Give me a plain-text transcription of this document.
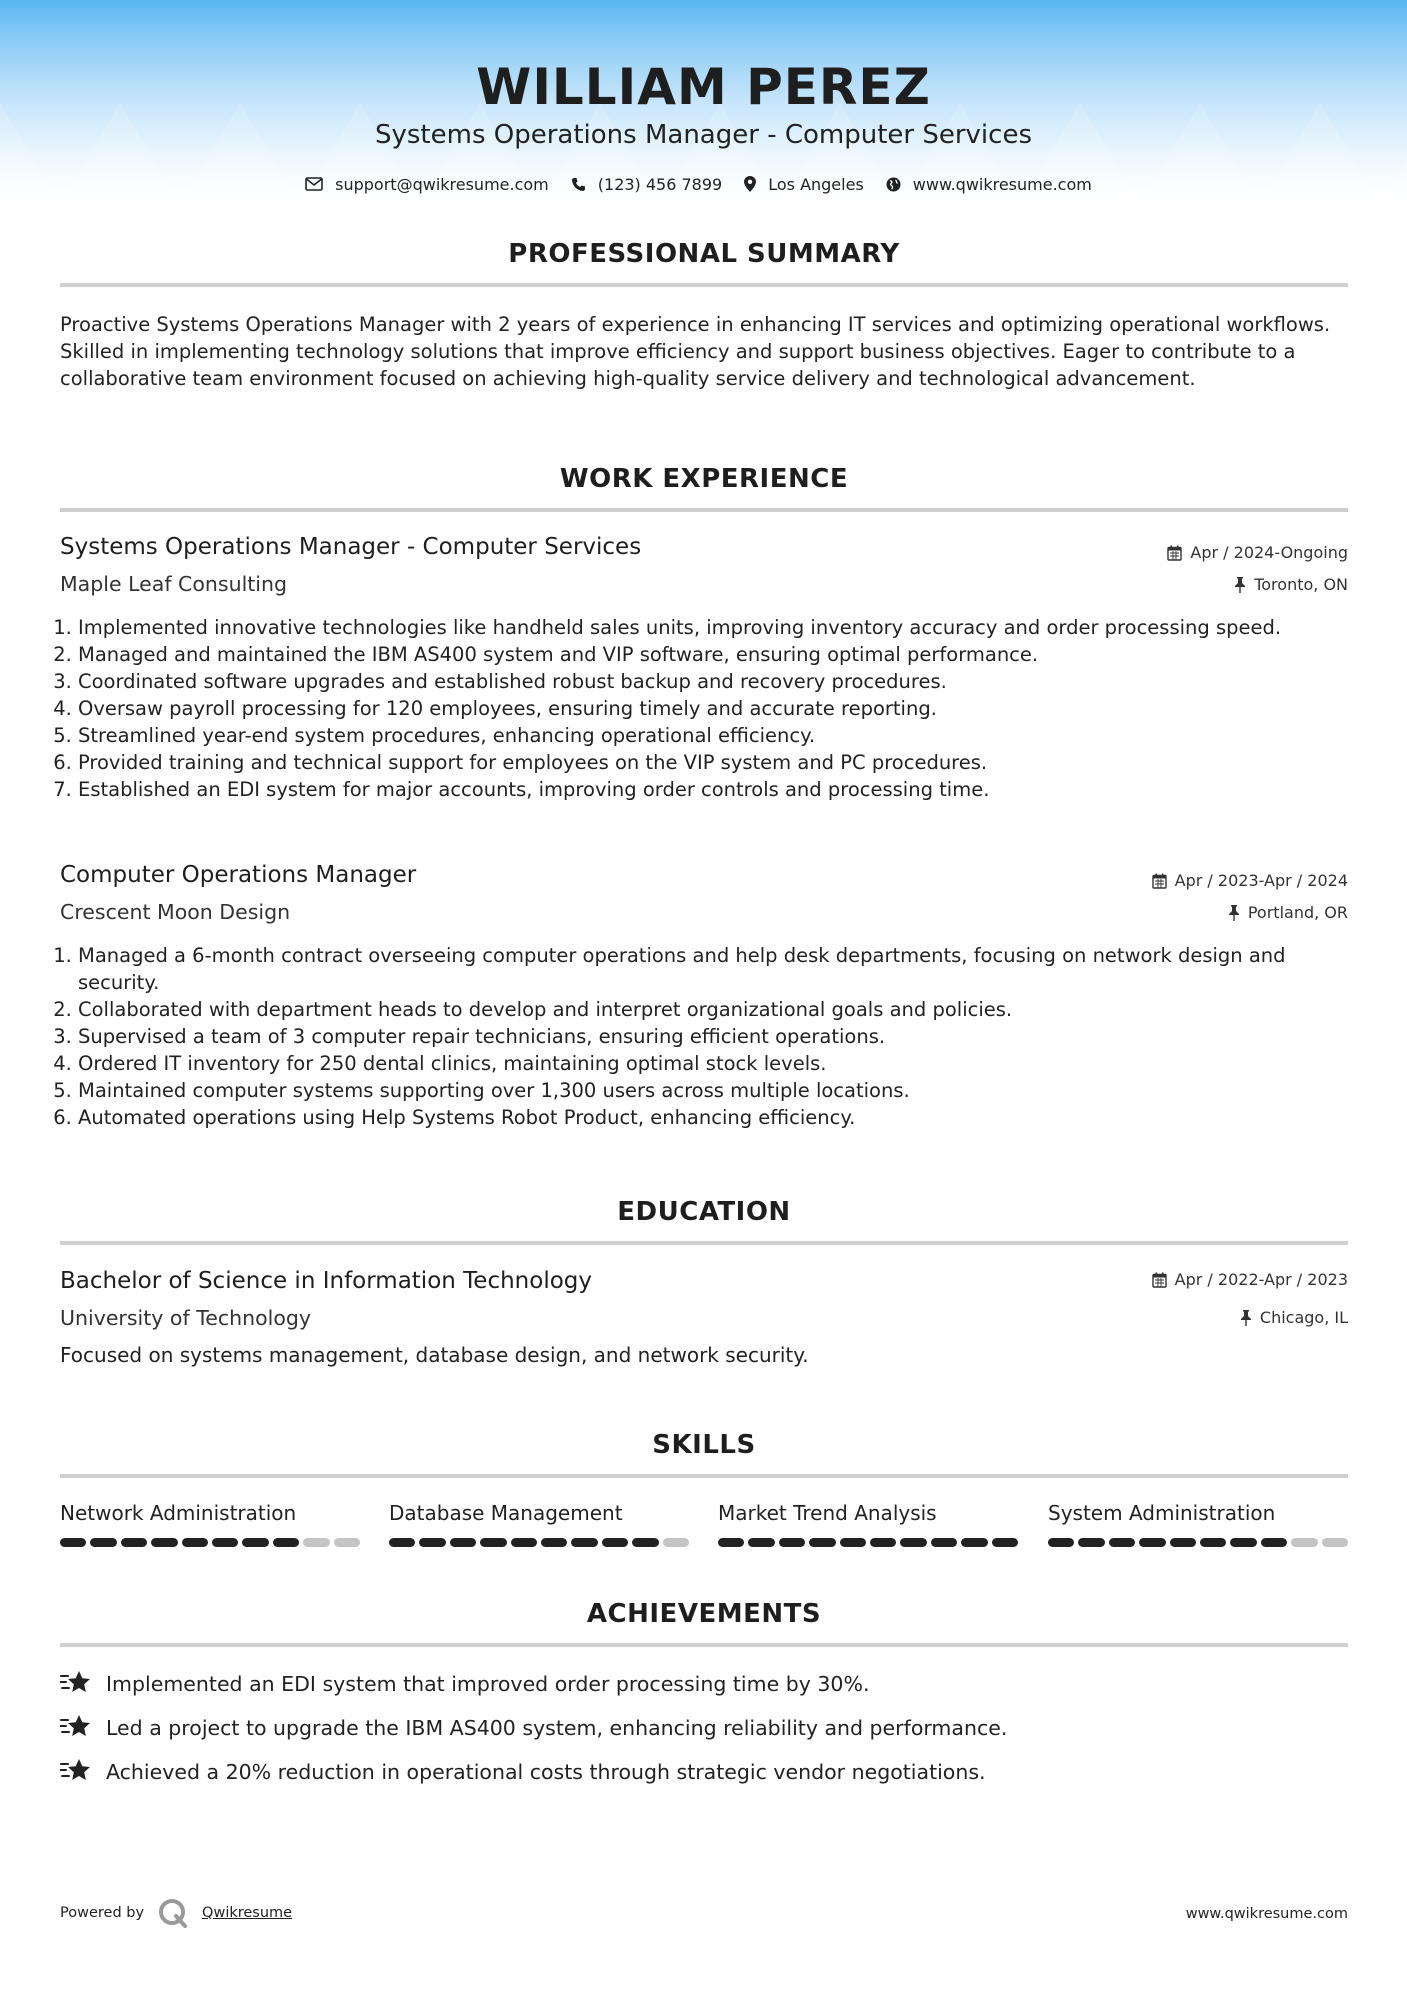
WILLIAM PEREZ
Systems Operations Manager - Computer Services
support@qwikresume.com	(123) 456 7899	Los Angeles	www.qwikresume.com
PROFESSIONAL SUMMARY
Proactive Systems Operations Manager with 2 years of experience in enhancing IT services and optimizing operational workflows. Skilled in implementing technology solutions that improve efficiency and support business objectives. Eager to contribute to a collaborative team environment focused on achieving high-quality service delivery and technological advancement.
WORK EXPERIENCE
Systems Operations Manager - Computer Services	Apr / 2024-Ongoing
Maple Leaf Consulting	Toronto, ON
1. Implemented innovative technologies like handheld sales units, improving inventory accuracy and order processing speed.
2. Managed and maintained the IBM AS400 system and VIP software, ensuring optimal performance.
3. Coordinated software upgrades and established robust backup and recovery procedures.
4. Oversaw payroll processing for 120 employees, ensuring timely and accurate reporting.
5. Streamlined year-end system procedures, enhancing operational efficiency.
6. Provided training and technical support for employees on the VIP system and PC procedures.
7. Established an EDI system for major accounts, improving order controls and processing time.
Computer Operations Manager	Apr / 2023-Apr / 2024
Crescent Moon Design	Portland, OR
1. Managed a 6-month contract overseeing computer operations and help desk departments, focusing on network design and security.
2. Collaborated with department heads to develop and interpret organizational goals and policies.
3. Supervised a team of 3 computer repair technicians, ensuring efficient operations.
4. Ordered IT inventory for 250 dental clinics, maintaining optimal stock levels.
5. Maintained computer systems supporting over 1,300 users across multiple locations.
6. Automated operations using Help Systems Robot Product, enhancing efficiency.
EDUCATION
Bachelor of Science in Information Technology	Apr / 2022-Apr / 2023
University of Technology	Chicago, IL
Focused on systems management, database design, and network security.
SKILLS
Network Administration	Database Management	Market Trend Analysis	System Administration
ACHIEVEMENTS
Implemented an EDI system that improved order processing time by 30%.
Led a project to upgrade the IBM AS400 system, enhancing reliability and performance.
Achieved a 20% reduction in operational costs through strategic vendor negotiations.
Powered by	Qwikresume	www.qwikresume.com
